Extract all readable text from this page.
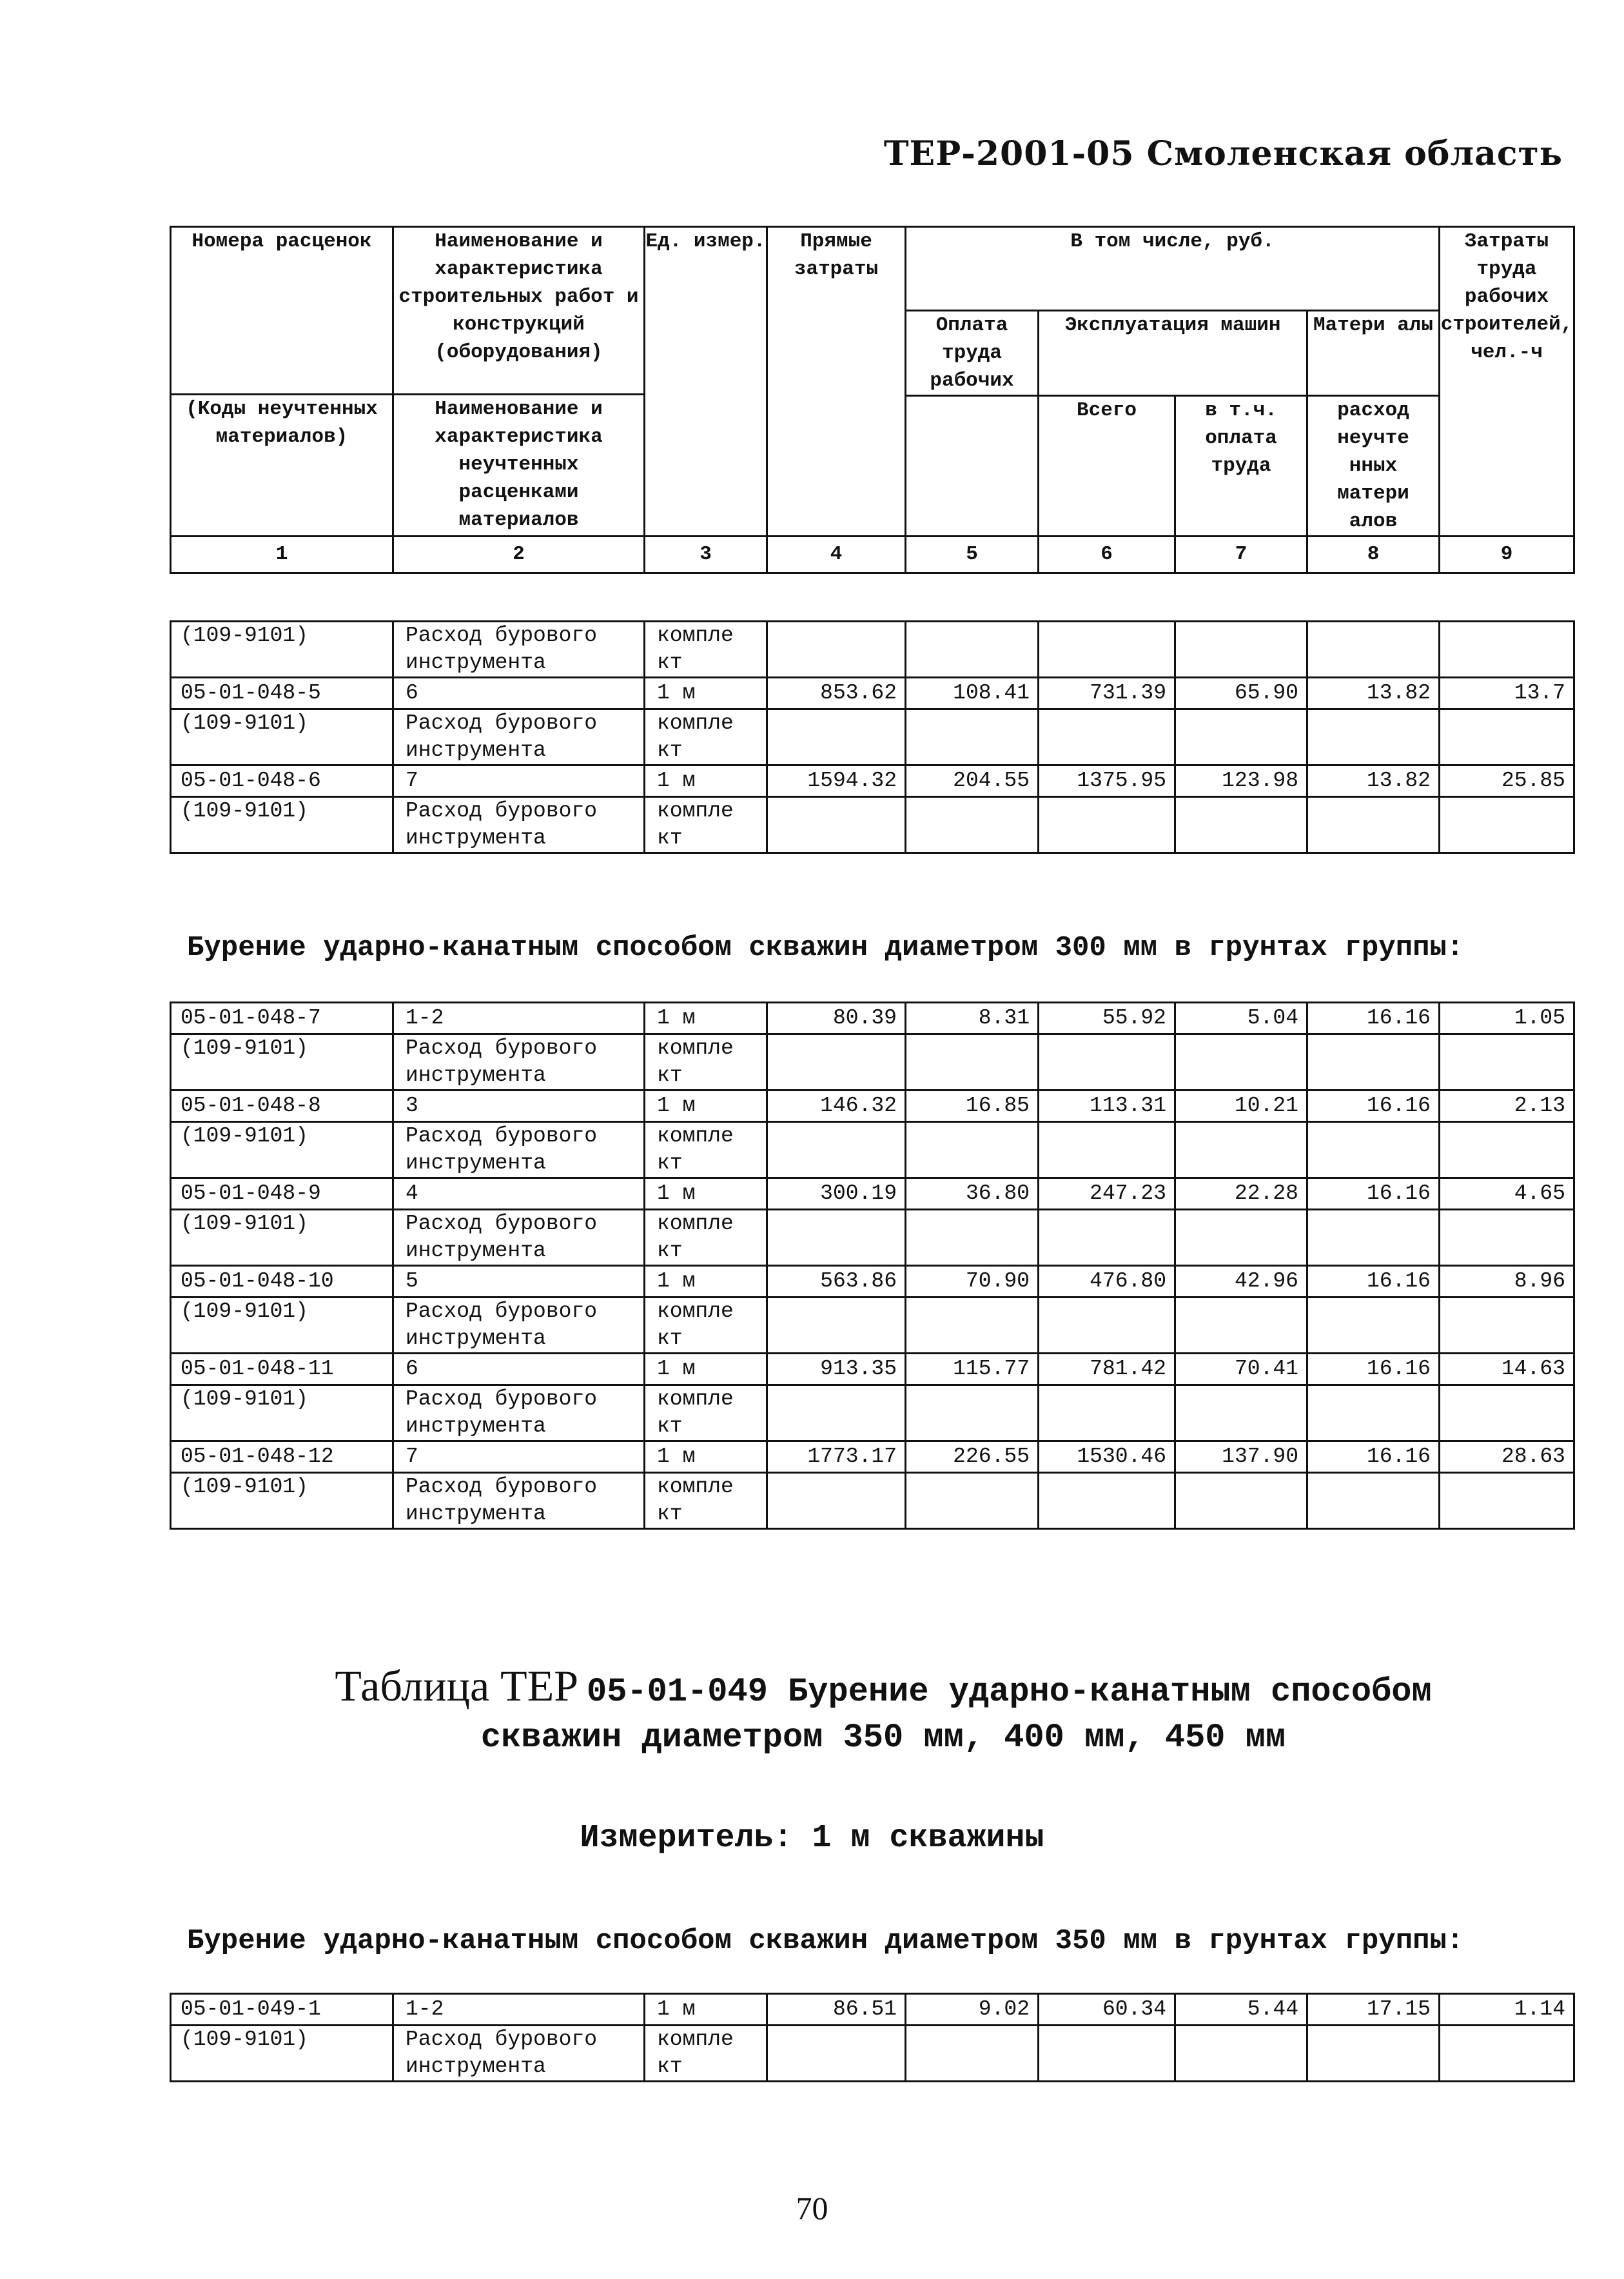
ТЕР-2001-05 Смоленская область
Номера расценок	Наименование и характеристика строительных работ и конструкций (оборудования)	Ед. измер.	Прямые затраты	В том числе, руб.				Затраты труда рабочих строителей, чел.-ч
				Оплата труда рабочих	Эксплуатация машин		Матери алы	
(Коды неучтенных материалов)	Наименование и характеристика неучтенных расценками материалов							
					Всего	в т.ч. оплата труда	расход неучте нных матери алов	
1	2	3	4	5	6	7	8	9
(109-9101)	Расход бурового инструмента	компле кт						
05-01-048-5	6	1 м	853.62	108.41	731.39	65.90	13.82	13.7
(109-9101)	Расход бурового инструмента	компле кт						
05-01-048-6	7	1 м	1594.32	204.55	1375.95	123.98	13.82	25.85
(109-9101)	Расход бурового инструмента	компле кт						
Бурение ударно-канатным способом скважин диаметром 300 мм в грунтах группы:
05-01-048-7	1-2	1 м	80.39	8.31	55.92	5.04	16.16	1.05
(109-9101)	Расход бурового инструмента	компле кт						
05-01-048-8	3	1 м	146.32	16.85	113.31	10.21	16.16	2.13
(109-9101)	Расход бурового инструмента	компле кт						
05-01-048-9	4	1 м	300.19	36.80	247.23	22.28	16.16	4.65
(109-9101)	Расход бурового инструмента	компле кт						
05-01-048-10	5	1 м	563.86	70.90	476.80	42.96	16.16	8.96
(109-9101)	Расход бурового инструмента	компле кт						
05-01-048-11	6	1 м	913.35	115.77	781.42	70.41	16.16	14.63
(109-9101)	Расход бурового инструмента	компле кт						
05-01-048-12	7	1 м	1773.17	226.55	1530.46	137.90	16.16	28.63
(109-9101)	Расход бурового инструмента	компле кт						
Таблица ТЕР 05-01-049 Бурение ударно-канатным способом
скважин диаметром 350 мм, 400 мм, 450 мм
Измеритель: 1 м скважины
Бурение ударно-канатным способом скважин диаметром 350 мм в грунтах группы:
05-01-049-1	1-2	1 м	86.51	9.02	60.34	5.44	17.15	1.14
(109-9101)	Расход бурового инструмента	компле кт						
70
